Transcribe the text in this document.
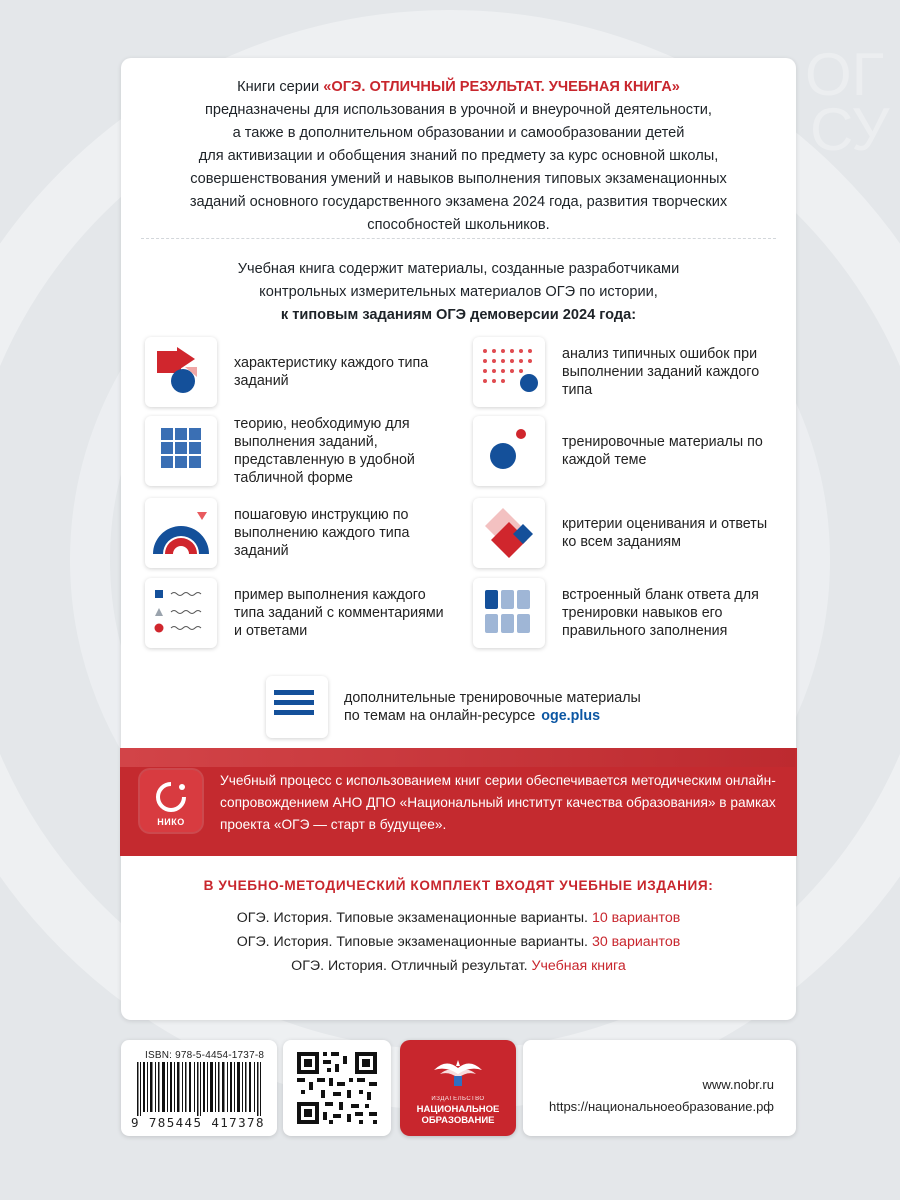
ОГ
СУ
Книги серии «ОГЭ. ОТЛИЧНЫЙ РЕЗУЛЬТАТ. УЧЕБНАЯ КНИГА»
предназначены для использования в урочной и внеурочной деятельности,
а также в дополнительном образовании и самообразовании детей
для активизации и обобщения знаний по предмету за курс основной школы,
совершенствования умений и навыков выполнения типовых экзаменационных
заданий основного государственного экзамена 2024 года, развития творческих
способностей школьников.
Учебная книга содержит материалы, созданные разработчиками
контрольных измерительных материалов ОГЭ по истории,
к типовым заданиям ОГЭ демоверсии 2024 года:
характеристику каждого типа заданий
анализ типичных ошибок при выполнении заданий каждого типа
теорию, необходимую для выполнения заданий, представленную в удобной табличной форме
тренировочные материалы по каждой теме
пошаговую инструкцию по выполнению каждого типа заданий
критерии оценивания и ответы ко всем заданиям
пример выполнения каждого типа заданий с комментариями и ответами
встроенный бланк ответа для тренировки навыков его правильного заполнения
дополнительные тренировочные материалы
по темам на онлайн-ресурсе oge.plus
НИКО
Учебный процесс с использованием книг серии обеспечивается методическим онлайн-сопровождением АНО ДПО «Национальный институт качества образования» в рамках проекта «ОГЭ — старт в будущее».
В УЧЕБНО-МЕТОДИЧЕСКИЙ КОМПЛЕКТ ВХОДЯТ УЧЕБНЫЕ ИЗДАНИЯ:
ОГЭ. История. Типовые экзаменационные варианты. 10 вариантов
ОГЭ. История. Типовые экзаменационные варианты. 30 вариантов
ОГЭ. История. Отличный результат. Учебная книга
ISBN: 978-5-4454-1737-8
9 785445 417378
ИЗДАТЕЛЬСТВО
НАЦИОНАЛЬНОЕ
ОБРАЗОВАНИЕ
www.nobr.ru
https://национальноеобразование.рф
